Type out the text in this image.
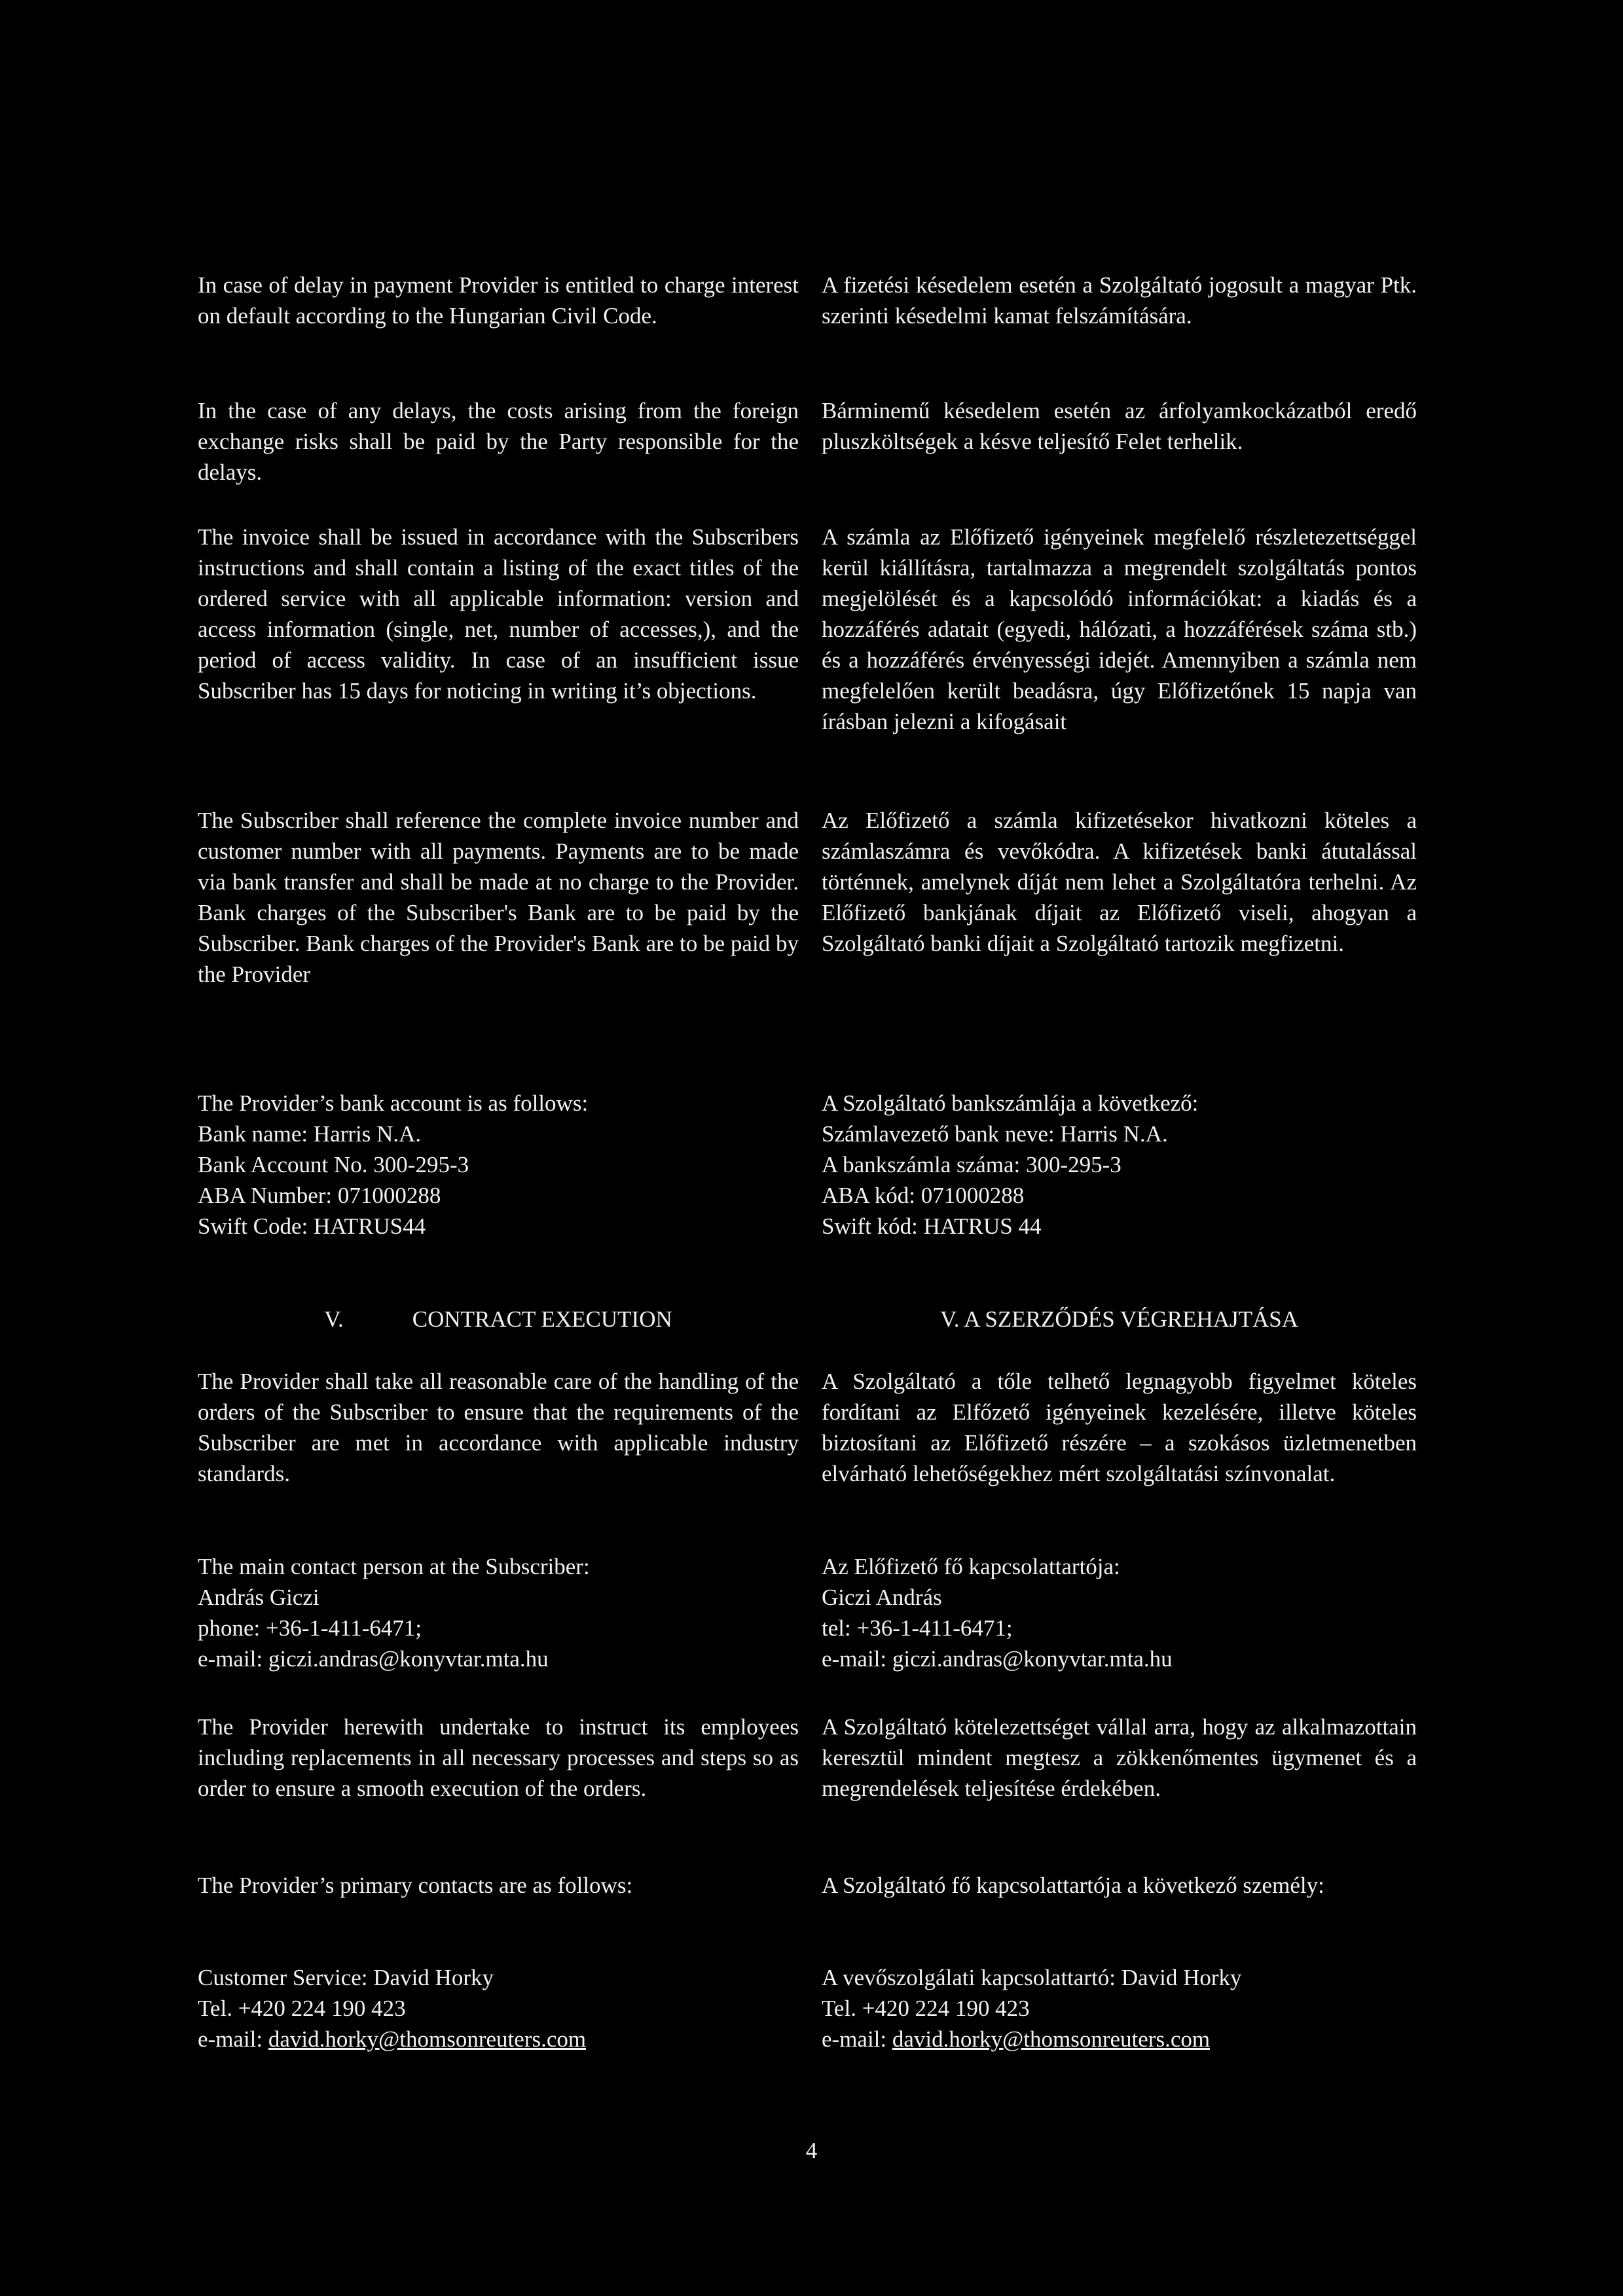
In case of delay in payment Provider is entitled to charge interest on default according to the Hungarian Civil Code.

In the case of any delays, the costs arising from the foreign exchange risks shall be paid by the Party responsible for the delays.

The invoice shall be issued in accordance with the Subscribers instructions and shall contain a listing of the exact titles of the ordered service with all applicable information: version and access information (single, net, number of accesses,), and the period of access validity. In case of an insufficient issue Subscriber has 15 days for noticing in writing it’s objections.

The Subscriber shall reference the complete invoice number and customer number with all payments. Payments are to be made via bank transfer and shall be made at no charge to the Provider. Bank charges of the Subscriber's Bank are to be paid by the Subscriber. Bank charges of the Provider's Bank are to be paid by the Provider

The Provider’s bank account is as follows:
Bank name: Harris N.A.
Bank Account No. 300-295-3
ABA Number: 071000288
Swift Code: HATRUS44
V.	CONTRACT EXECUTION

The Provider shall take all reasonable care of the handling of the orders of the Subscriber to ensure that the requirements of the Subscriber are met in accordance with applicable industry standards.

The main contact person at the Subscriber:
András Giczi
phone: +36-1-411-6471;
e-mail: giczi.andras@konyvtar.mta.hu

The Provider herewith undertake to instruct its employees including replacements in all necessary processes and steps so as order to ensure a smooth execution of the orders.

The Provider’s primary contacts are as follows:

Customer Service: David Horky
Tel. +420 224 190 423
e-mail: david.horky@thomsonreuters.com

A fizetési késedelem esetén a Szolgáltató jogosult a magyar Ptk. szerinti késedelmi kamat felszámítására.

Bárminemű késedelem esetén az árfolyamkockázatból eredő pluszköltségek a késve teljesítő Felet terhelik.

A számla az Előfizető igényeinek megfelelő részletezettséggel kerül kiállításra, tartalmazza a megrendelt szolgáltatás pontos megjelölését és a kapcsolódó információkat: a kiadás és a hozzáférés adatait (egyedi, hálózati, a hozzáférések száma stb.) és a hozzáférés érvényességi idejét. Amennyiben a számla nem megfelelően került beadásra, úgy Előfizetőnek 15 napja van írásban jelezni a kifogásait

Az Előfizető a számla kifizetésekor hivatkozni köteles a számlaszámra és vevőkódra. A kifizetések banki átutalással történnek, amelynek díját nem lehet a Szolgáltatóra terhelni. Az Előfizető bankjának díjait az Előfizető viseli, ahogyan a Szolgáltató banki díjait a Szolgáltató tartozik megfizetni.

A Szolgáltató bankszámlája a következő:
Számlavezető bank neve: Harris N.A.
A bankszámla száma: 300-295-3
ABA kód: 071000288
Swift kód: HATRUS 44
V. A SZERZŐDÉS VÉGREHAJTÁSA

A Szolgáltató a tőle telhető legnagyobb figyelmet köteles fordítani az Elfőzető igényeinek kezelésére, illetve köteles biztosítani az Előfizető részére – a szokásos üzletmenetben elvárható lehetőségekhez mért szolgáltatási színvonalat.

Az Előfizető fő kapcsolattartója:
Giczi András
tel: +36-1-411-6471;
e-mail: giczi.andras@konyvtar.mta.hu

A Szolgáltató kötelezettséget vállal arra, hogy az alkalmazottain keresztül mindent megtesz a zökkenőmentes ügymenet és a megrendelések teljesítése érdekében.

A Szolgáltató fő kapcsolattartója a következő személy:

A vevőszolgálati kapcsolattartó: David Horky
Tel. +420 224 190 423
e-mail: david.horky@thomsonreuters.com
4
